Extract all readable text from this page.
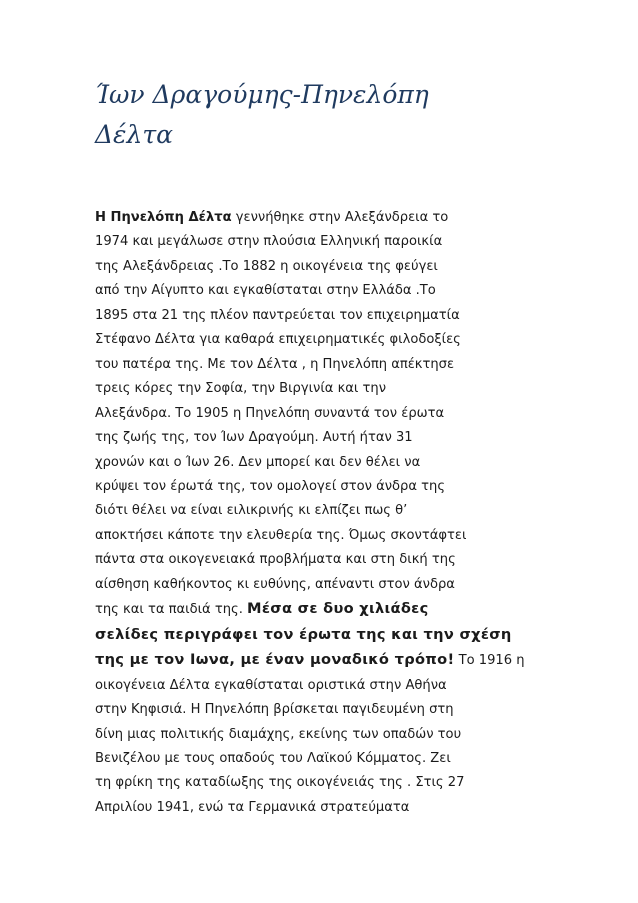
Ίων Δραγούμης-Πηνελόπη
Δέλτα
Η Πηνελόπη Δέλτα γεννήθηκε στην Αλεξάνδρεια το
1974 και μεγάλωσε στην πλούσια Ελληνική παροικία
της Αλεξάνδρειας .Το 1882 η οικογένεια της φεύγει
από την Αίγυπτο και εγκαθίσταται στην Ελλάδα .Το
1895 στα 21 της πλέον παντρεύεται τον επιχειρηματία
Στέφανο Δέλτα για καθαρά επιχειρηματικές φιλοδοξίες
του πατέρα της. Με τον Δέλτα , η Πηνελόπη απέκτησε
τρεις κόρες την Σοφία, την Βιργινία και την
Αλεξάνδρα. Το 1905 η Πηνελόπη συναντά τον έρωτα
της ζωής της, τον Ίων Δραγούμη. Αυτή ήταν 31
χρονών και ο Ίων 26. Δεν μπορεί και δεν θέλει να
κρύψει τον έρωτά της, τον ομολογεί στον άνδρα της
διότι θέλει να είναι ειλικρινής κι ελπίζει πως θ’
αποκτήσει κάποτε την ελευθερία της. Όμως σκοντάφτει
πάντα στα οικογενειακά προβλήματα και στη δική της
αίσθηση καθήκοντος κι ευθύνης, απέναντι στον άνδρα
της και τα παιδιά της. Μέσα σε δυο χιλιάδες
σελίδες περιγράφει τον έρωτα της και την σχέση
της με τον Ιωνα, με έναν μοναδικό τρόπο! Το 1916 η
οικογένεια Δέλτα εγκαθίσταται οριστικά στην Αθήνα
στην Κηφισιά. Η Πηνελόπη βρίσκεται παγιδευμένη στη
δίνη μιας πολιτικής διαμάχης, εκείνης των οπαδών του
Βενιζέλου με τους οπαδούς του Λαϊκού Κόμματος. Ζει
τη φρίκη της καταδίωξης της οικογένειάς της . Στις 27
Απριλίου 1941, ενώ τα Γερμανικά στρατεύματα
